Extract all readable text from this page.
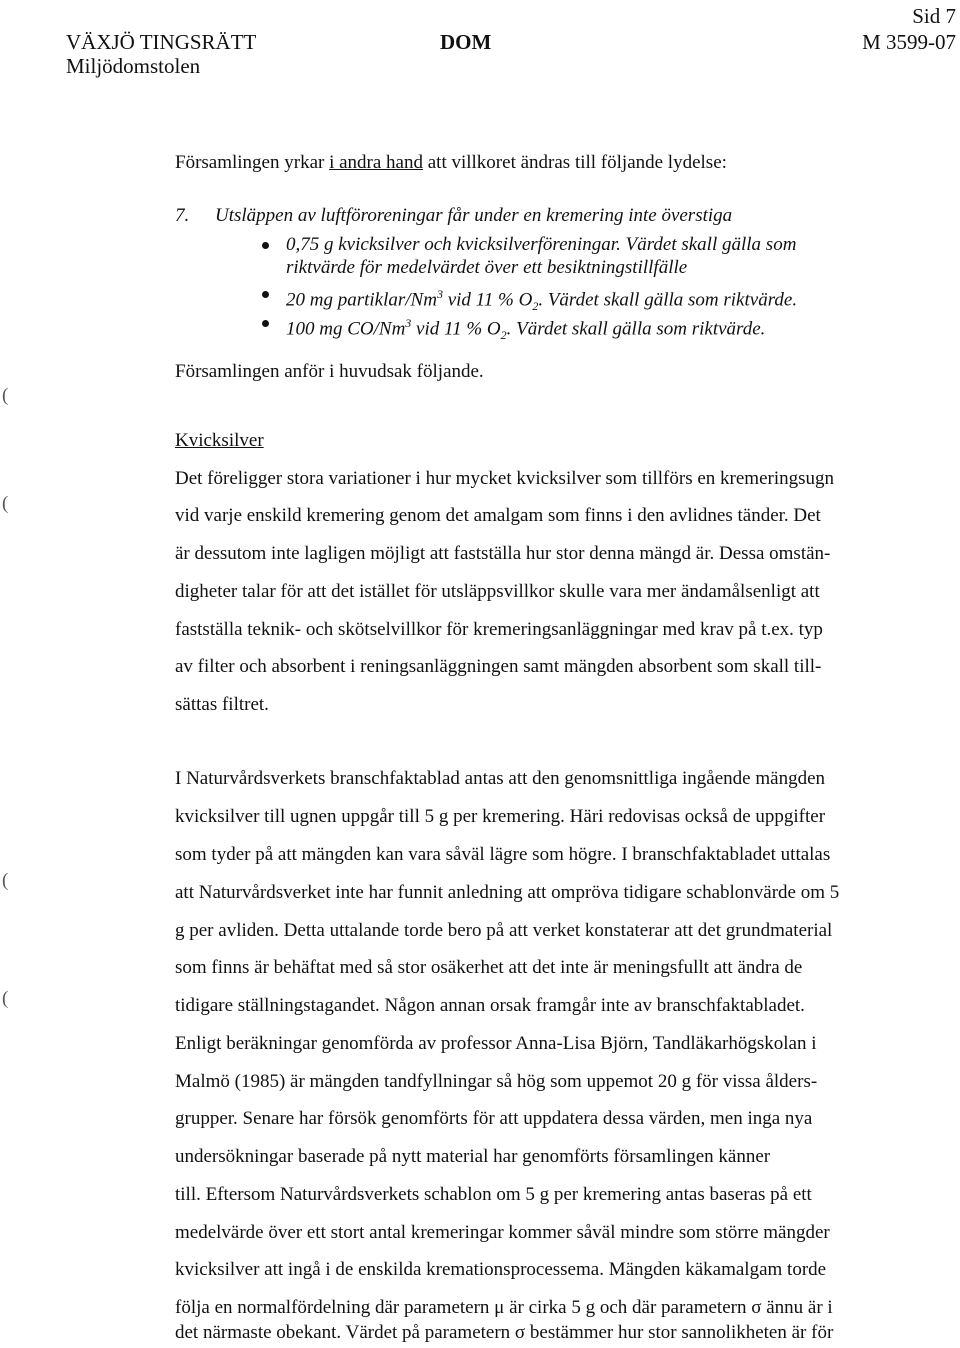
VÄXJÖ TINGSRÄTT
Miljödomstolen
DOM
Sid 7
M 3599-07
Församlingen yrkar i andra hand att villkoret ändras till följande lydelse:
7. Utsläppen av luftföroreningar får under en kremering inte överstiga
0,75 g kvicksilver och kvicksilverföreningar. Värdet skall gälla som
riktvärde för medelvärdet över ett besiktningstillfälle
20 mg partiklar/Nm$^3$ vid 11 % $O_2$. Värdet skall gälla som riktvärde.
100 mg CO/Nm$^3$ vid 11 % $O_2$. Värdet skall gälla som riktvärde.
Församlingen anför i huvudsak följande.
Kvicksilver
Det föreligger stora variationer i hur mycket kvicksilver som tillförs en kremeringsugn
vid varje enskild kremering genom det amalgam som finns i den avlidnes tänder. Det
är dessutom inte lagligen möjligt att fastställa hur stor denna mängd är. Dessa omstän-
digheter talar för att det istället för utsläppsvillkor skulle vara mer ändamålsenligt att
fastställa teknik- och skötselvillkor för kremeringsanläggningar med krav på t.ex. typ
av filter och absorbent i reningsanläggningen samt mängden absorbent som skall till-
sättas filtret.
I Naturvårdsverkets branschfaktablad antas att den genomsnittliga ingående mängden
kvicksilver till ugnen uppgår till 5 g per kremering. Häri redovisas också de uppgifter
som tyder på att mängden kan vara såväl lägre som högre. I branschfaktabladet uttalas
att Naturvårdsverket inte har funnit anledning att ompröva tidigare schablonvärde om 5
g per avliden. Detta uttalande torde bero på att verket konstaterar att det grundmaterial
som finns är behäftat med så stor osäkerhet att det inte är meningsfullt att ändra de
tidigare ställningstagandet. Någon annan orsak framgår inte av branschfaktabladet.
Enligt beräkningar genomförda av professor Anna-Lisa Björn, Tandläkarhögskolan i
Malmö (1985) är mängden tandfyllningar så hög som uppemot 20 g för vissa ålders-
grupper. Senare har försök genomförts för att uppdatera dessa värden, men inga nya
undersökningar baserade på nytt material har genomförts församlingen känner
till. Eftersom Naturvårdsverkets schablon om 5 g per kremering antas baseras på ett
medelvärde över ett stort antal kremeringar kommer såväl mindre som större mängder
kvicksilver att ingå i de enskilda kremationsprocessema. Mängden käkamalgam torde
följa en normalfördelning där parametern μ är cirka 5 g och där parametern σ ännu är i
det närmaste obekant. Värdet på parametern σ bestämmer hur stor sannolikheten är för
(
(
(
(
